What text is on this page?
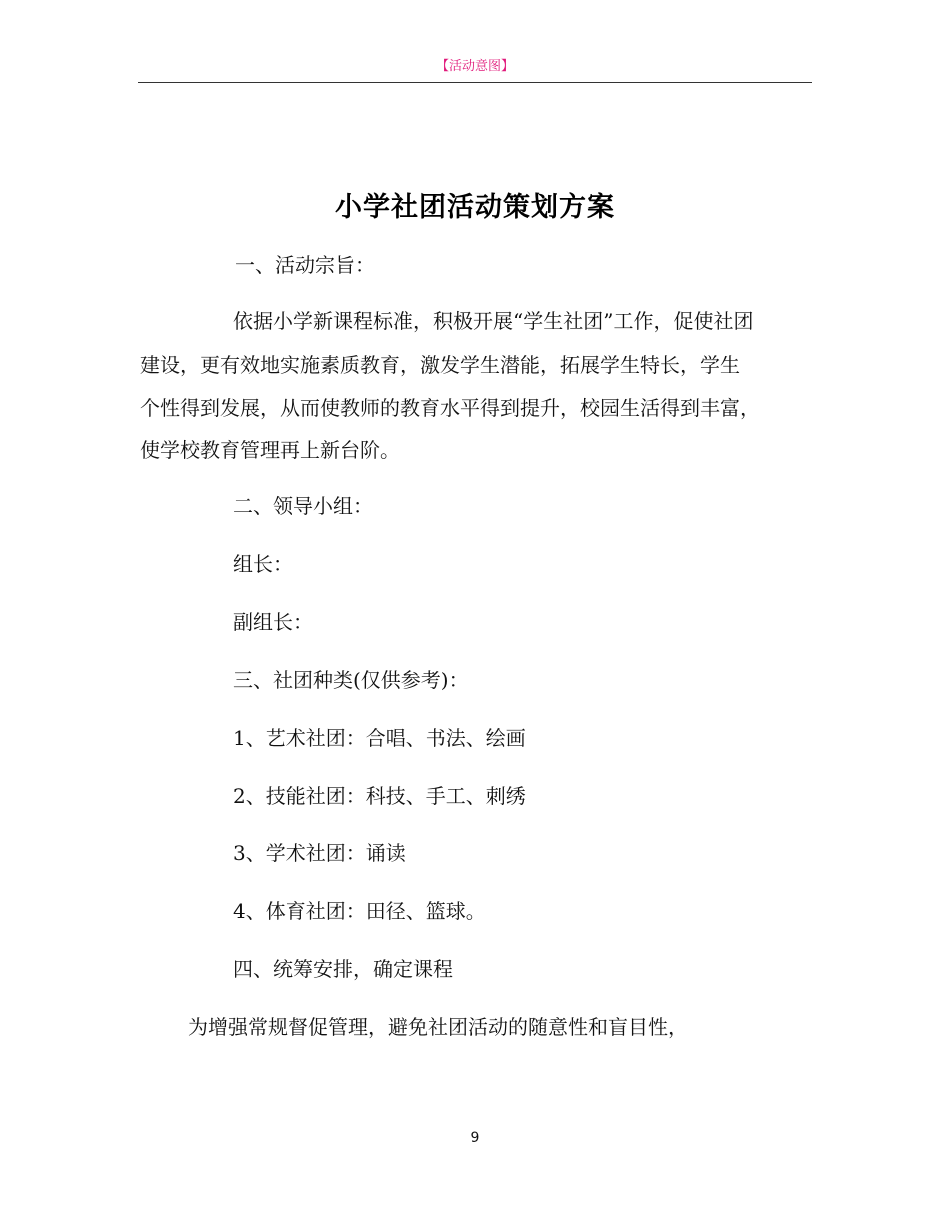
【活动意图】
小学社团活动策划方案
一、活动宗旨：
依据小学新课程标准，积极开展“学生社团”工作，促使社团
建设，更有效地实施素质教育，激发学生潜能，拓展学生特长，学生
个性得到发展，从而使教师的教育水平得到提升，校园生活得到丰富，
使学校教育管理再上新台阶。
二、领导小组：
组长：
副组长：
三、社团种类(仅供参考)：
1、艺术社团：合唱、书法、绘画
2、技能社团：科技、手工、刺绣
3、学术社团：诵读
4、体育社团：田径、篮球。
四、统筹安排，确定课程
为增强常规督促管理，避免社团活动的随意性和盲目性，
9
